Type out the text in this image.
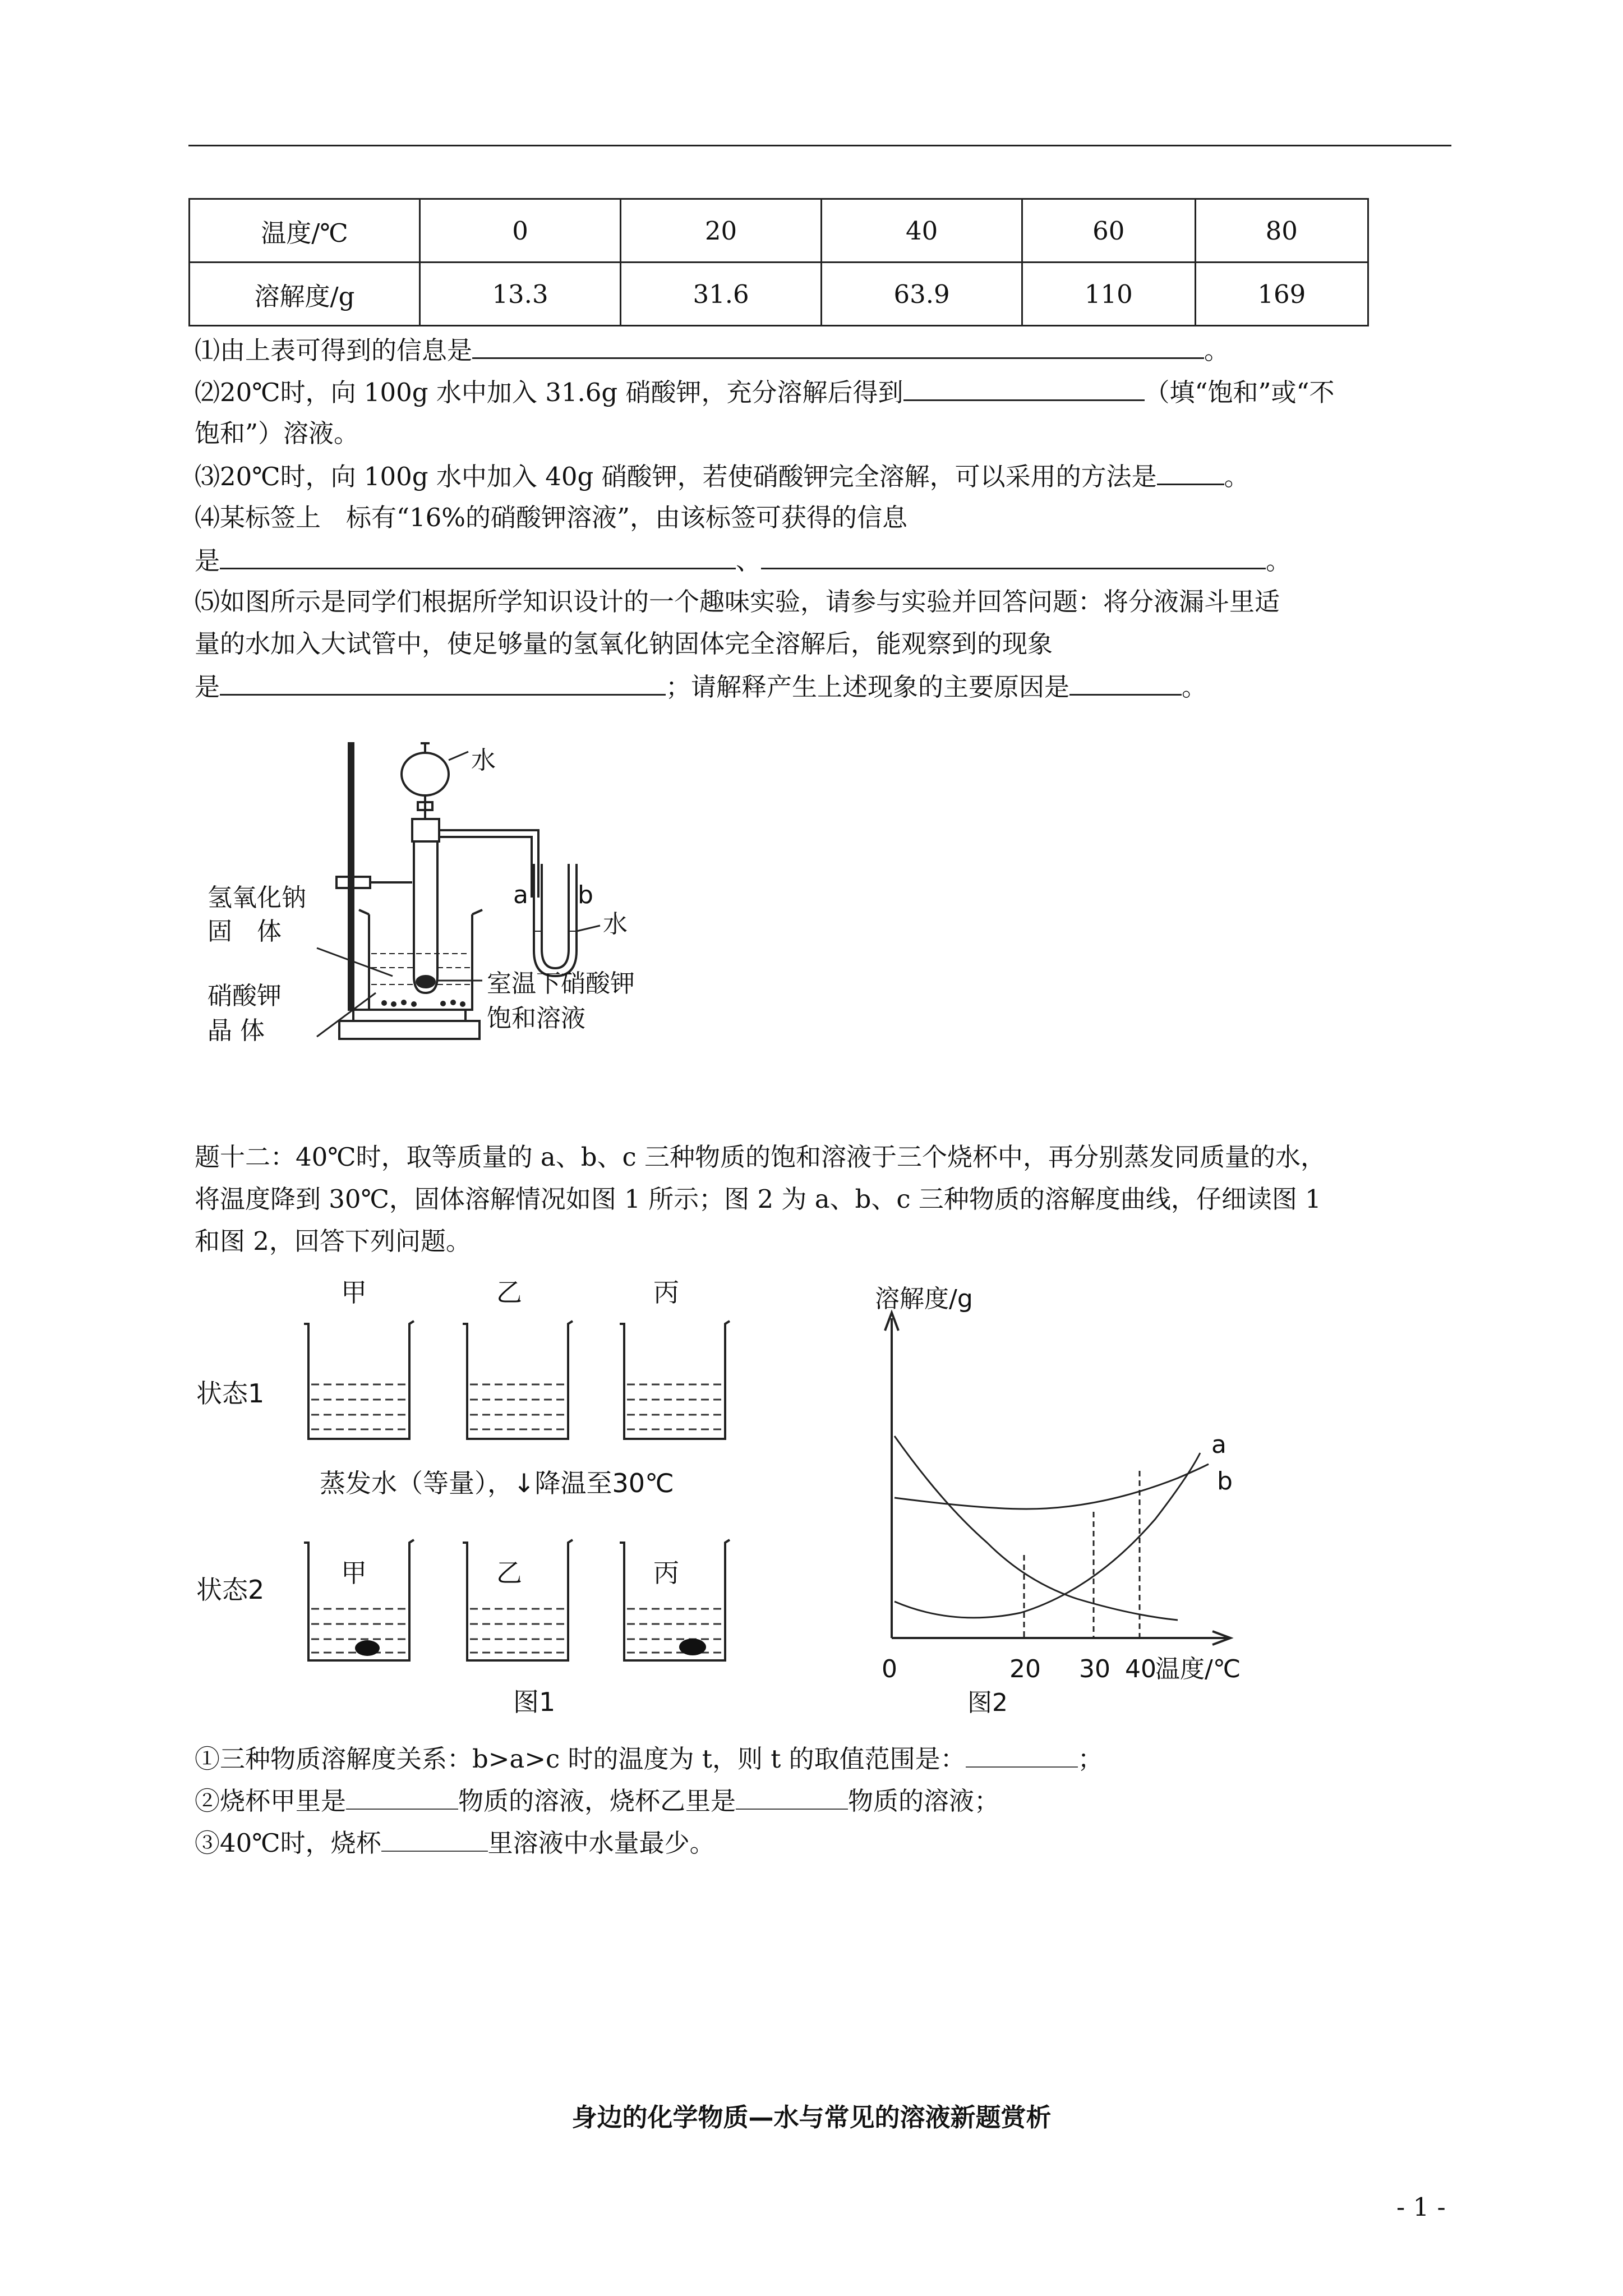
温度/℃	0	20	40	60	80
溶解度/g	13.3	31.6	63.9	110	169
⑴由上表可得到的信息是	。
⑵20℃时，向 100g 水中加入 31.6g 硝酸钾，充分溶解后得到	（填“饱和”或“不
饱和”）溶液。
⑶20℃时，向 100g 水中加入 40g 硝酸钾，若使硝酸钾完全溶解，可以采用的方法是	。
⑷某标签上　标有“16%的硝酸钾溶液”，由该标签可获得的信息
是	、	。
⑸如图所示是同学们根据所学知识设计的一个趣味实验，请参与实验并回答问题：将分液漏斗里适
量的水加入大试管中，使足够量的氢氧化钠固体完全溶解后，能观察到的现象
是	；请解释产生上述现象的主要原因是	。
水
氢氧化钠
固　体
硝酸钾
晶 体
室温下硝酸钾
饱和溶液
a b
水
题十二：40℃时，取等质量的 a、b、c 三种物质的饱和溶液于三个烧杯中，再分别蒸发同质量的水，
将温度降到 30℃，固体溶解情况如图 1 所示；图 2 为 a、b、c 三种物质的溶解度曲线，仔细读图 1
和图 2，回答下列问题。
甲	乙	丙
状态1
蒸发水（等量），↓降温至30℃
状态2
甲	乙	丙
图1
溶解度/g
0	20 30 40
温度/℃
a
b
图2
①三种物质溶解度关系：b>a>c 时的温度为 t，则 t 的取值范围是：	；
②烧杯甲里是	物质的溶液，烧杯乙里是	物质的溶液；
③40℃时，烧杯	里溶液中水量最少。
身边的化学物质—水与常见的溶液新题赏析
- 1 -
